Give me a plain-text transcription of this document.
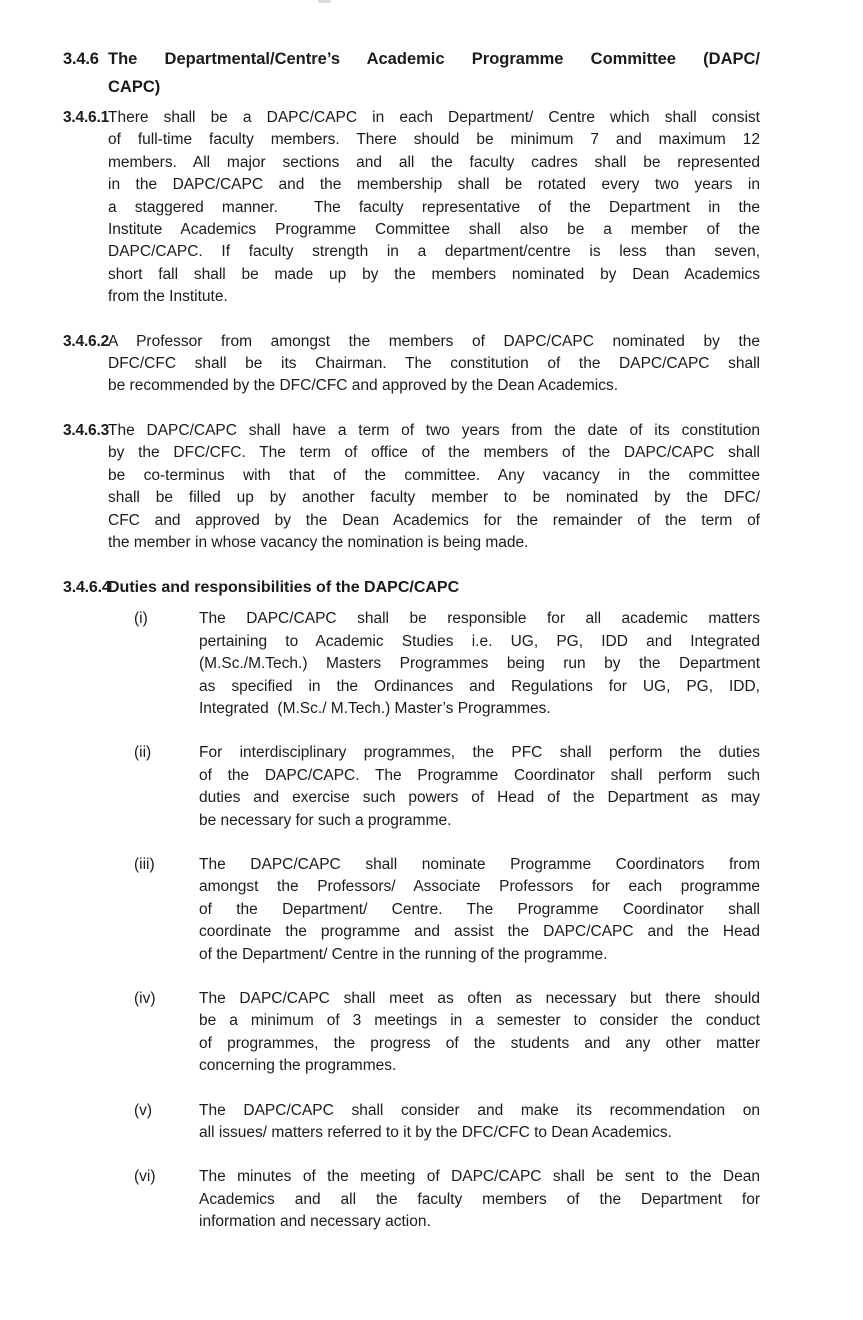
3.4.6 The Departmental/Centre’s Academic Programme Committee (DAPC/
CAPC)
3.4.6.1
There shall be a DAPC/CAPC in each Department/ Centre which shall consist
of full-time faculty members. There should be minimum 7 and maximum 12
members. All major sections and all the faculty cadres shall be represented
in the DAPC/CAPC and the membership shall be rotated every two years in
a staggered manner.  The faculty representative of the Department in the
Institute Academics Programme Committee shall also be a member of the
DAPC/CAPC. If faculty strength in a department/centre is less than seven,
short fall shall be made up by the members nominated by Dean Academics
from the Institute.
3.4.6.2
A Professor from amongst the members of DAPC/CAPC nominated by the
DFC/CFC shall be its Chairman. The constitution of the DAPC/CAPC shall
be recommended by the DFC/CFC and approved by the Dean Academics.
3.4.6.3
The DAPC/CAPC shall have a term of two years from the date of its constitution
by the DFC/CFC. The term of office of the members of the DAPC/CAPC shall
be co-terminus with that of the committee. Any vacancy in the committee
shall be filled up by another faculty member to be nominated by the DFC/
CFC and approved by the Dean Academics for the remainder of the term of
the member in whose vacancy the nomination is being made.
3.4.6.4
Duties and responsibilities of the DAPC/CAPC
(i)	The DAPC/CAPC shall be responsible for all academic matters
pertaining to Academic Studies i.e. UG, PG, IDD and Integrated
(M.Sc./M.Tech.) Masters Programmes being run by the Department
as specified in the Ordinances and Regulations for UG, PG, IDD,
Integrated  (M.Sc./ M.Tech.) Master’s Programmes.
(ii)	For interdisciplinary programmes, the PFC shall perform the duties
of the DAPC/CAPC. The Programme Coordinator shall perform such
duties and exercise such powers of Head of the Department as may
be necessary for such a programme.
(iii)	The DAPC/CAPC shall nominate Programme Coordinators from
amongst the Professors/ Associate Professors for each programme
of the Department/ Centre. The Programme Coordinator shall
coordinate the programme and assist the DAPC/CAPC and the Head
of the Department/ Centre in the running of the programme.
(iv)	The DAPC/CAPC shall meet as often as necessary but there should
be a minimum of 3 meetings in a semester to consider the conduct
of programmes, the progress of the students and any other matter
concerning the programmes.
(v)	The DAPC/CAPC shall consider and make its recommendation on
all issues/ matters referred to it by the DFC/CFC to Dean Academics.
(vi)	The minutes of the meeting of DAPC/CAPC shall be sent to the Dean
Academics and all the faculty members of the Department for
information and necessary action.
